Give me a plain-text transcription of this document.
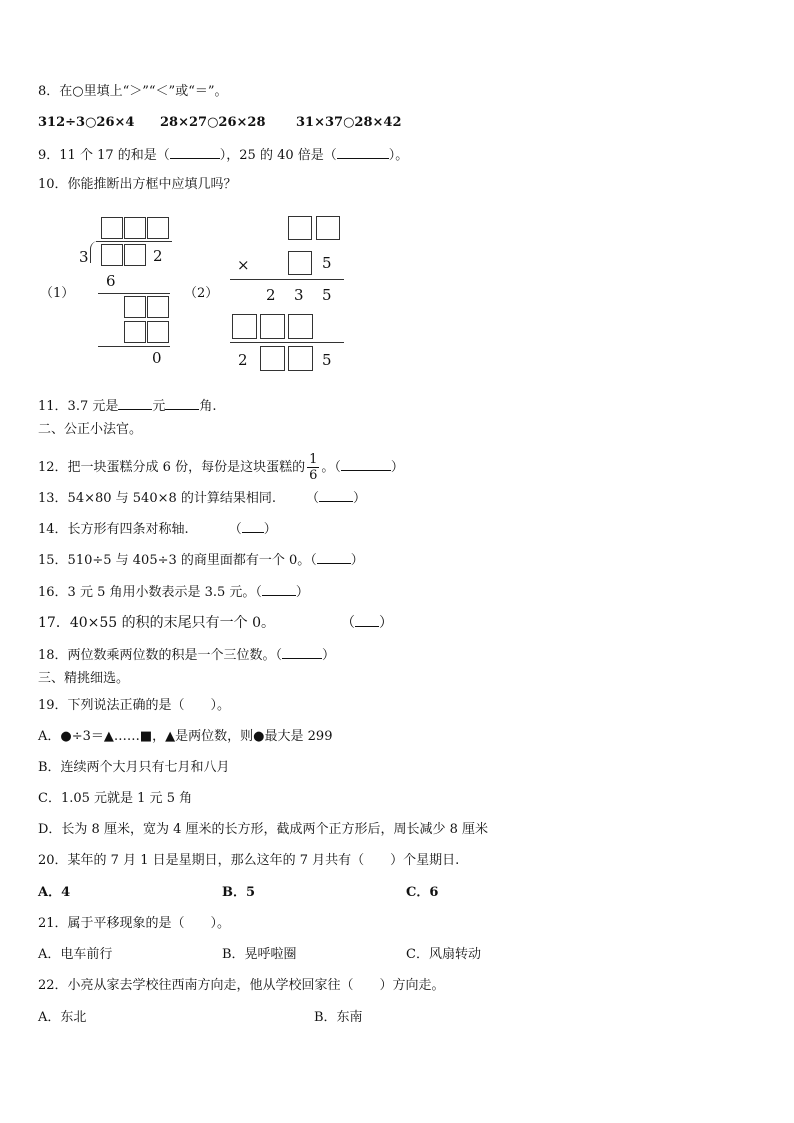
8．在○里填上“＞”“＜”或“＝”。
312÷3○26×4 28×27○26×28 31×37○28×42
9．11 个 17 的和是（	），25 的 40 倍是（	）。
10．你能推断出方框中应填几吗？
（1）
3	2
6
0
（2）
×	5
2 3 5
2	5
11．3.7 元是	元	角.
二、公正小法官。
12．把一块蛋糕分成 6 份，每份是这块蛋糕的 $\frac{1}{6}$ 。（	）
13．54×80 与 540×8 的计算结果相同. （	）
14．长方形有四条对称轴.	（ ）
15．510÷5 与 405÷3 的商里面都有一个 0。（	）
16．3 元 5 角用小数表示是 3.5 元。（	）
17．40×55 的积的末尾只有一个 0。	（ ）
18．两位数乘两位数的积是一个三位数。（	）
三、精挑细选。
19．下列说法正确的是（　　）。
A．●÷3＝▲……■，▲是两位数，则●最大是 299
B．连续两个大月只有七月和八月
C．1.05 元就是 1 元 5 角
D．长为 8 厘米，宽为 4 厘米的长方形，截成两个正方形后，周长减少 8 厘米
20．某年的 7 月 1 日是星期日，那么这年的 7 月共有（　　）个星期日.
A．4	B．5	C．6
21．属于平移现象的是（　　）。
A．电车前行	B．晃呼啦圈	C．风扇转动
22．小亮从家去学校往西南方向走，他从学校回家往（　　）方向走。
A．东北	B．东南
